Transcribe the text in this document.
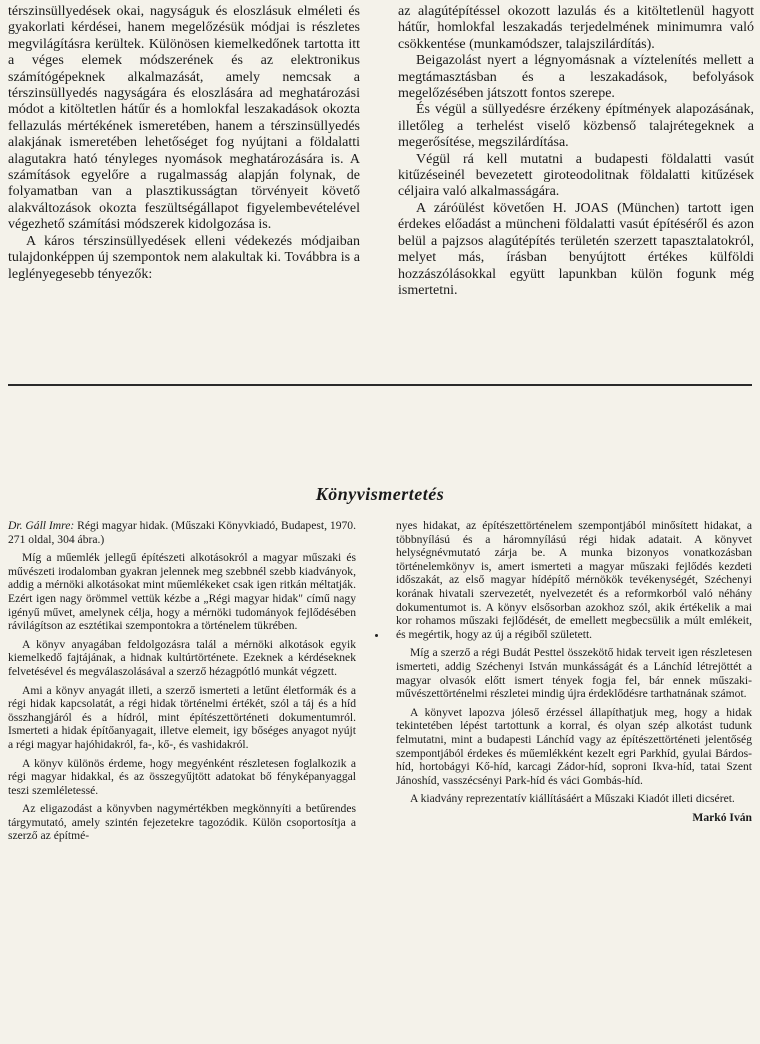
térszinsüllyedések okai, nagyságuk és eloszlásuk elméleti és gyakorlati kérdései, hanem megelőzésük módjai is részletes megvilágításra kerültek. Különösen kiemelkedőnek tartotta itt a véges elemek módszerének és az elektronikus számítógépeknek alkalmazását, amely nemcsak a térszinsüllyedés nagyságára és eloszlására ad meghatározási módot a kitöltetlen hátűr és a homlokfal leszakadások okozta fellazulás mértékének ismeretében, hanem a térszinsüllyedés alakjának ismeretében lehetőséget fog nyújtani a földalatti alagutakra ható tényleges nyomások meghatározására is. A számítások egyelőre a rugalmasság alapján folynak, de folyamatban van a plasztikusságtan törvényeit követő alakváltozások okozta feszültségállapot figyelembevételével végezhető számítási módszerek kidolgozása is.

A káros térszinsüllyedések elleni védekezés módjaiban tulajdonképpen új szempontok nem alakultak ki. Továbbra is a leglényegesebb tényezők:

az alagútépítéssel okozott lazulás és a kitöltetlenül hagyott hátűr, homlokfal leszakadás terjedelmének minimumra való csökkentése (munkamódszer, talajszilárdítás).

Beigazolást nyert a légnyomásnak a víztelenítés mellett a megtámasztásban és a leszakadások, befolyások megelőzésében játszott fontos szerepe.

És végül a süllyedésre érzékeny építmények alapozásának, illetőleg a terhelést viselő közbenső talajrétegeknek a megerősítése, megszilárdítása.

Végül rá kell mutatni a budapesti földalatti vasút kitűzéseinél bevezetett giroteodolitnak földalatti kitűzések céljaira való alkalmasságára.

A záróülést követően H. JOAS (München) tartott igen érdekes előadást a müncheni földalatti vasút építéséről és azon belül a pajzsos alagútépítés területén szerzett tapasztalatokról, melyet más, írásban benyújtott értékes külföldi hozzászólásokkal együtt lapunkban külön fogunk még ismertetni.

Könyvismertetés

Dr. Gáll Imre: Régi magyar hidak. (Műszaki Könyvkiadó, Budapest, 1970. 271 oldal, 304 ábra.)

Míg a műemlék jellegű építészeti alkotásokról a magyar műszaki és művészeti irodalomban gyakran jelennek meg szebbnél szebb kiadványok, addig a mérnöki alkotásokat mint műemlékeket csak igen ritkán méltatják. Ezért igen nagy örömmel vettük kézbe a „Régi magyar hidak" című nagy igényű művet, amelynek célja, hogy a mérnöki tudományok fejlődésében rávilágítson az esztétikai szempontokra a történelem tükrében.

A könyv anyagában feldolgozásra talál a mérnöki alkotások egyik kiemelkedő fajtájának, a hidnak kultúrtörténete. Ezeknek a kérdéseknek felvetésével és megválaszolásával a szerző hézagpótló munkát végzett.

Ami a könyv anyagát illeti, a szerző ismerteti a letűnt életformák és a régi hidak kapcsolatát, a régi hidak történelmi értékét, szól a táj és a híd összhangjáról és a hídról, mint építészettörténeti dokumentumról. Ismerteti a hidak építőanyagait, illetve elemeit, igy bőséges anyagot nyújt a régi magyar hajóhidakról, fa-, kő-, és vashidakról.

A könyv különös érdeme, hogy megyénként részletesen foglalkozik a régi magyar hidakkal, és az összegyűjtött adatokat bő fényképanyaggal teszi szemléletessé.

Az eligazodást a könyvben nagymértékben megkönnyíti a betűrendes tárgymutató, amely szintén fejezetekre tagozódik. Külön csoportosítja a szerző az építmé-

nyes hidakat, az építészettörténelem szempontjából minősített hidakat, a többnyílású és a háromnyílású régi hidak adatait. A könyvet helységnévmutató zárja be. A munka bizonyos vonatkozásban történelemkönyv is, amert ismerteti a magyar műszaki fejlődés kezdeti időszakát, az első magyar hídépítő mérnökök tevékenységét, Széchenyi korának hivatali szervezetét, nyelvezetét és a reformkorból való néhány dokumentumot is. A könyv elsősorban azokhoz szól, akik értékelik a mai kor rohamos műszaki fejlődését, de emellett megbecsülik a múlt emlékeit, és megértik, hogy az új a régiből született.

Míg a szerző a régi Budát Pesttel összekötő hidak terveit igen részletesen ismerteti, addig Széchenyi István munkásságát és a Lánchíd létrejöttét a magyar olvasók előtt ismert tények fogja fel, bár ennek műszaki-művészettörténelmi részletei mindig újra érdeklődésre tarthatnának számot.

A könyvet lapozva jóleső érzéssel állapíthatjuk meg, hogy a hidak tekintetében lépést tartottunk a korral, és olyan szép alkotást tudunk felmutatni, mint a budapesti Lánchíd vagy az építészettörténeti jelentőség szempontjából érdekes és műemlékként kezelt egri Parkhíd, gyulai Bárdos-híd, hortobágyi Kő-híd, karcagi Zádor-híd, soproni Ikva-híd, tatai Szent Jánoshíd, vasszécsényi Park-híd és váci Gombás-híd.

A kiadvány reprezentatív kiállításáért a Műszaki Kiadót illeti dicséret.

Markó Iván
